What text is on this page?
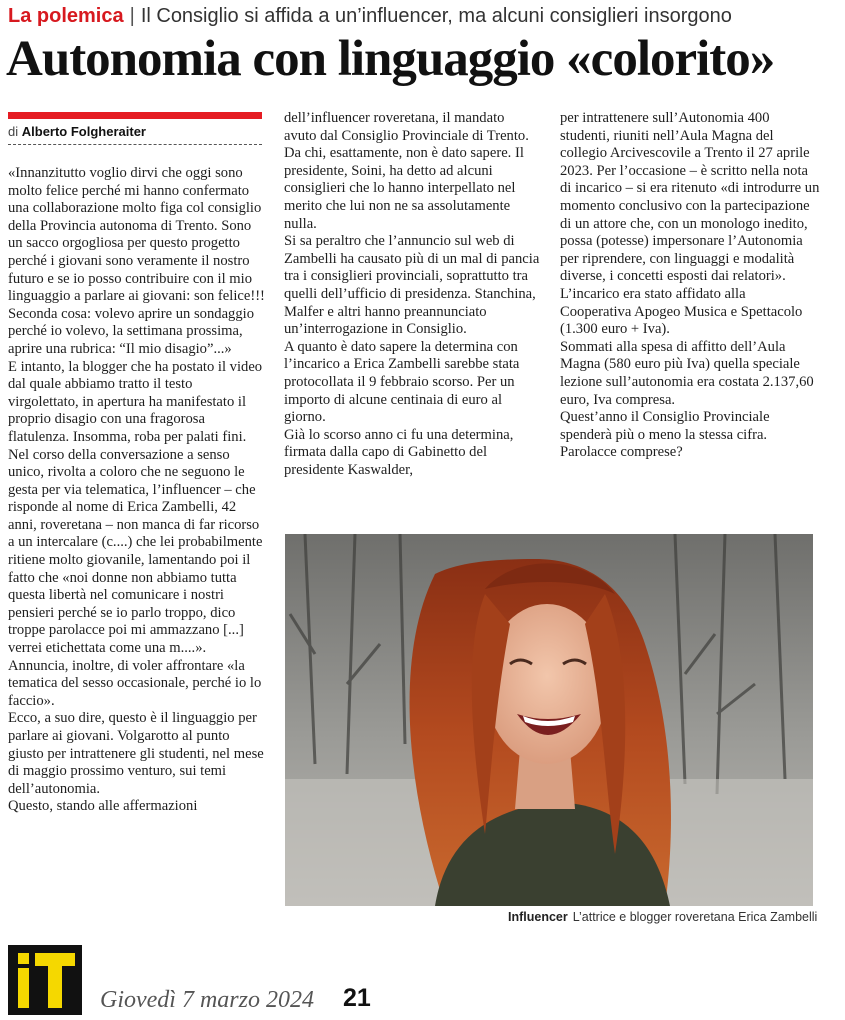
La polemica | Il Consiglio si affida a un’influencer, ma alcuni consiglieri insorgono
Autonomia con linguaggio «colorito»
di Alberto Folgheraiter

«Innanzitutto voglio dirvi che oggi sono molto felice perché mi hanno confermato una collaborazione molto figa col consiglio della Provincia autonoma di Trento. Sono un sacco orgogliosa per questo progetto perché i giovani sono veramente il nostro futuro e se io posso contribuire con il mio linguaggio a parlare ai giovani: son felice!!! Seconda cosa: volevo aprire un sondaggio perché io volevo, la settimana prossima, aprire una rubrica: “Il mio disagio”...»

E intanto, la blogger che ha postato il video dal quale abbiamo tratto il testo virgolettato, in apertura ha manifestato il proprio disagio con una fragorosa flatulenza. Insomma, roba per palati fini.

Nel corso della conversazione a senso unico, rivolta a coloro che ne seguono le gesta per via telematica, l’influencer – che risponde al nome di Erica Zambelli, 42 anni, roveretana – non manca di far ricorso a un intercalare (c....) che lei probabilmente ritiene molto giovanile, lamentando poi il fatto che «noi donne non abbiamo tutta questa libertà nel comunicare i nostri pensieri perché se io parlo troppo, dico troppe parolacce poi mi ammazzano [...] verrei etichettata come una m....». Annuncia, inoltre, di voler affrontare «la tematica del sesso occasionale, perché io lo faccio».

Ecco, a suo dire, questo è il linguaggio per parlare ai giovani. Volgarotto al punto giusto per intrattenere gli studenti, nel mese di maggio prossimo venturo, sui temi dell’autonomia.

Questo, stando alle affermazioni

dell’influencer roveretana, il mandato avuto dal Consiglio Provinciale di Trento. Da chi, esattamente, non è dato sapere. Il presidente, Soini, ha detto ad alcuni consiglieri che lo hanno interpellato nel merito che lui non ne sa assolutamente nulla.

Si sa peraltro che l’annuncio sul web di Zambelli ha causato più di un mal di pancia tra i consiglieri provinciali, soprattutto tra quelli dell’ufficio di presidenza. Stanchina, Malfer e altri hanno preannunciato un’interrogazione in Consiglio.

A quanto è dato sapere la determina con l’incarico a Erica Zambelli sarebbe stata protocollata il 9 febbraio scorso. Per un importo di alcune centinaia di euro al giorno.

Già lo scorso anno ci fu una determina, firmata dalla capo di Gabinetto del presidente Kaswalder,

per intrattenere sull’Autonomia 400 studenti, riuniti nell’Aula Magna del collegio Arcivescovile a Trento il 27 aprile 2023. Per l’occasione – è scritto nella nota di incarico – si era ritenuto «di introdurre un momento conclusivo con la partecipazione di un attore che, con un monologo inedito, possa (potesse) impersonare l’Autonomia per riprendere, con linguaggi e modalità diverse, i concetti esposti dai relatori».

L’incarico era stato affidato alla Cooperativa Apogeo Musica e Spettacolo (1.300 euro + Iva).

Sommati alla spesa di affitto dell’Aula Magna (580 euro più Iva) quella speciale lezione sull’autonomia era costata 2.137,60 euro, Iva compresa.

Quest’anno il Consiglio Provinciale spenderà più o meno la stessa cifra. Parolacce comprese?

Influencer L’attrice e blogger roveretana Erica Zambelli
Giovedì 7 marzo 2024 21
